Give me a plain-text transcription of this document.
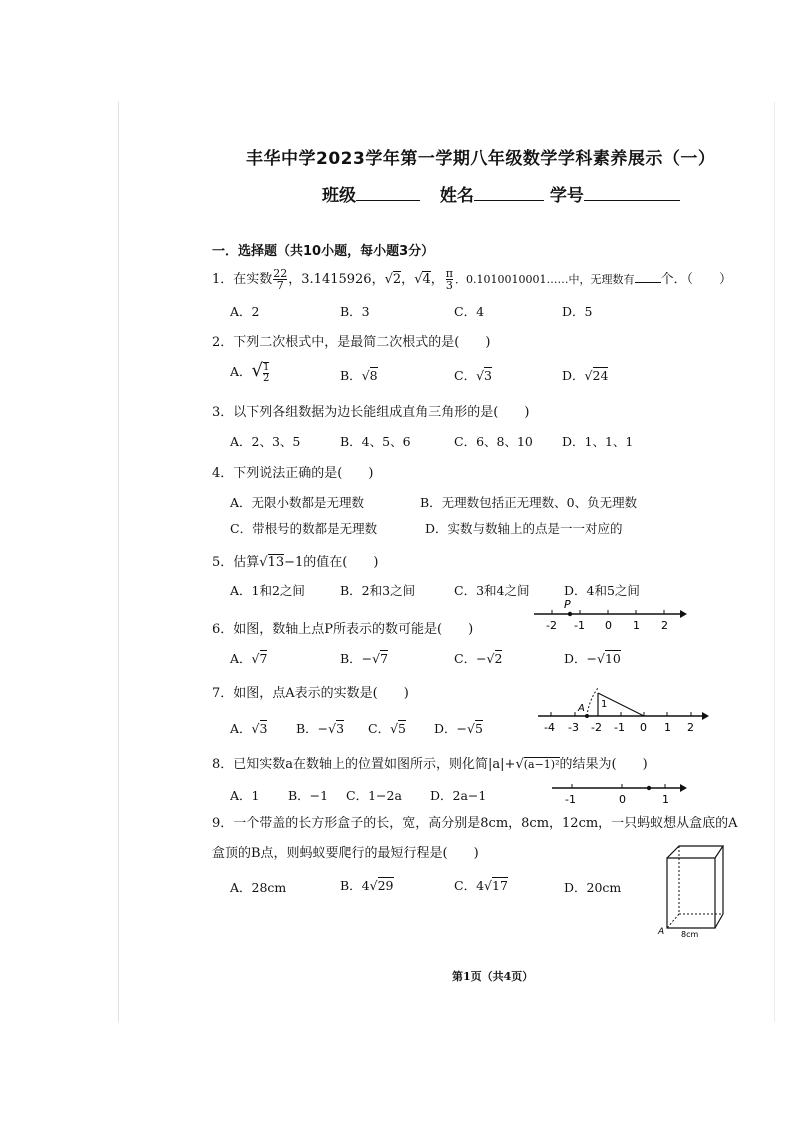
丰华中学2023学年第一学期八年级数学学科素养展示（一）
班级	姓名	学号
一．选择题（共10小题，每小题3分）
1．在实数 $\frac{22}{7}$ ，3.1415926，√2，√4， $\frac{\pi}{3}$ ．0.1010010001……中，无理数有 个．（　　）
A．2	B．3	C．4	D．5
2．下列二次根式中，是最简二次根式的是(　　)
A．√ $\frac{1}{2}$	B．√8	C．√3	D．√24
3．以下列各组数据为边长能组成直角三角形的是(　　)
A．2、3、5	B．4、5、6	C．6、8、10 D．1、1、1
4．下列说法正确的是(　　)
A．无限小数都是无理数	B．无理数包括正无理数、0、负无理数
C．带根号的数都是无理数	D．实数与数轴上的点是一一对应的
5．估算√13−1的值在(　　)
A．1和2之间	B．2和3之间	C．3和4之间	D．4和5之间
6．如图，数轴上点P所表示的数可能是(　　)
A．√7	B．−√7	C．−√2	D．−√10
P
-2 -1 0 1 2
7．如图，点A表示的实数是(　　)
A．√3 B．−√3 C．√5 D．−√5
A 1
-4 -3 -2 -1 0 1 2
8．已知实数a在数轴上的位置如图所示，则化简|a|+√(a−1)²的结果为(　　)
A．1 B．−1 C．1−2a D．2a−1	-1	0	1
9．一个带盖的长方形盒子的长，宽，高分别是8cm，8cm，12cm，一只蚂蚁想从盒底的A
盒顶的B点，则蚂蚁要爬行的最短行程是(　　)
A．28cm	B．4√29	C．4√17	D．20cm
A 8cm
第1页（共4页）
